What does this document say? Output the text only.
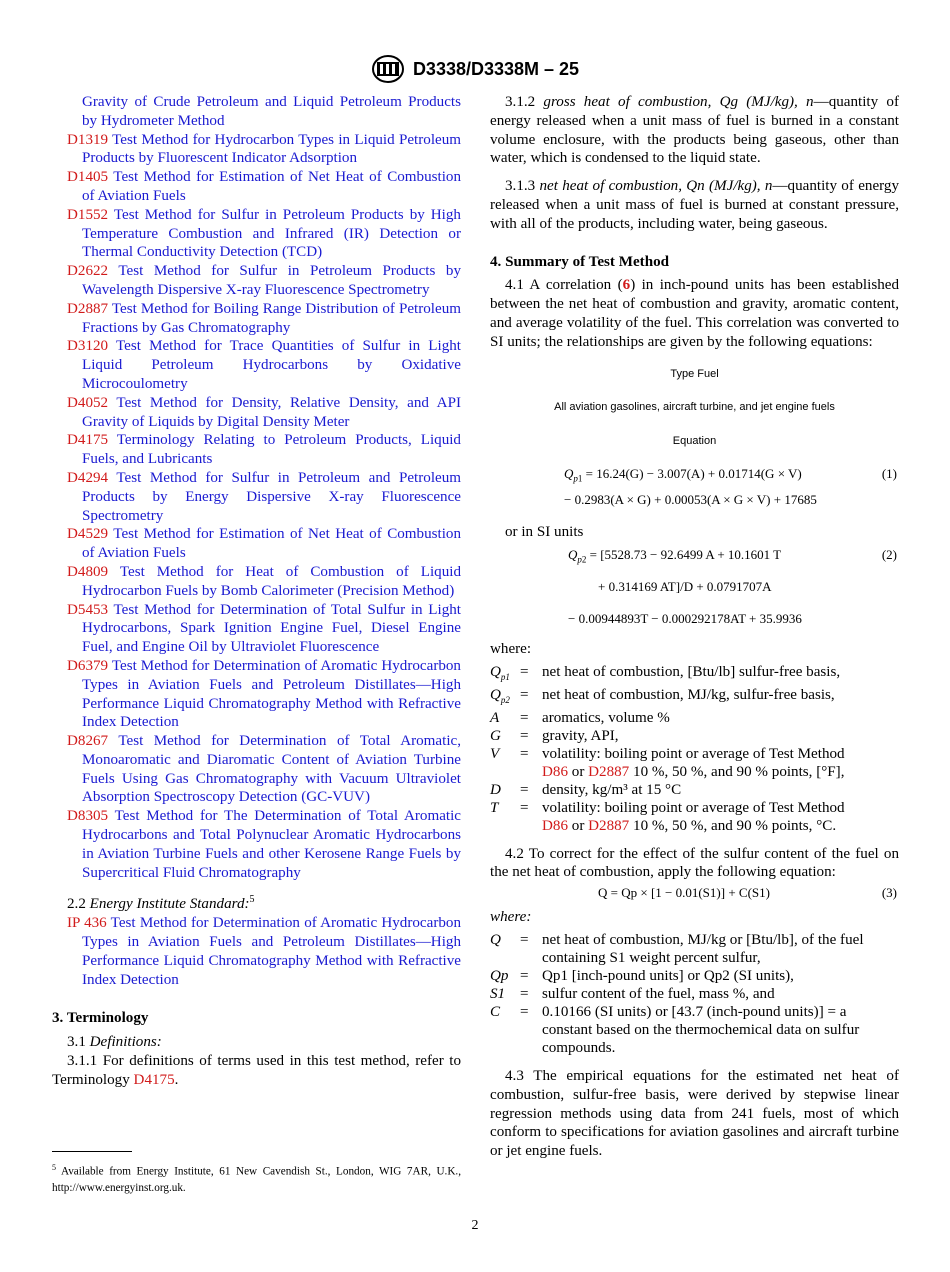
D3338/D3338M – 25

Gravity of Crude Petroleum and Liquid Petroleum Products by Hydrometer Method

D1319 Test Method for Hydrocarbon Types in Liquid Petroleum Products by Fluorescent Indicator Adsorption

D1405 Test Method for Estimation of Net Heat of Combustion of Aviation Fuels

D1552 Test Method for Sulfur in Petroleum Products by High Temperature Combustion and Infrared (IR) Detection or Thermal Conductivity Detection (TCD)

D2622 Test Method for Sulfur in Petroleum Products by Wavelength Dispersive X-ray Fluorescence Spectrometry

D2887 Test Method for Boiling Range Distribution of Petroleum Fractions by Gas Chromatography

D3120 Test Method for Trace Quantities of Sulfur in Light Liquid Petroleum Hydrocarbons by Oxidative Microcoulometry

D4052 Test Method for Density, Relative Density, and API Gravity of Liquids by Digital Density Meter

D4175 Terminology Relating to Petroleum Products, Liquid Fuels, and Lubricants

D4294 Test Method for Sulfur in Petroleum and Petroleum Products by Energy Dispersive X-ray Fluorescence Spectrometry

D4529 Test Method for Estimation of Net Heat of Combustion of Aviation Fuels

D4809 Test Method for Heat of Combustion of Liquid Hydrocarbon Fuels by Bomb Calorimeter (Precision Method)

D5453 Test Method for Determination of Total Sulfur in Light Hydrocarbons, Spark Ignition Engine Fuel, Diesel Engine Fuel, and Engine Oil by Ultraviolet Fluorescence

D6379 Test Method for Determination of Aromatic Hydrocarbon Types in Aviation Fuels and Petroleum Distillates—High Performance Liquid Chromatography Method with Refractive Index Detection

D8267 Test Method for Determination of Total Aromatic, Monoaromatic and Diaromatic Content of Aviation Turbine Fuels Using Gas Chromatography with Vacuum Ultraviolet Absorption Spectroscopy Detection (GC-VUV)

D8305 Test Method for The Determination of Total Aromatic Hydrocarbons and Total Polynuclear Aromatic Hydrocarbons in Aviation Turbine Fuels and other Kerosene Range Fuels by Supercritical Fluid Chromatography

2.2 Energy Institute Standard:$^5$

IP 436 Test Method for Determination of Aromatic Hydrocarbon Types in Aviation Fuels and Petroleum Distillates—High Performance Liquid Chromatography Method with Refractive Index Detection

3. Terminology

3.1 Definitions:

3.1.1 For definitions of terms used in this test method, refer to Terminology D4175.

$^5$ Available from Energy Institute, 61 New Cavendish St., London, WIG 7AR, U.K., http://www.energyinst.org.uk.

3.1.2 gross heat of combustion, Qg (MJ/kg), n—quantity of energy released when a unit mass of fuel is burned in a constant volume enclosure, with the products being gaseous, other than water, which is condensed to the liquid state.

3.1.3 net heat of combustion, Qn (MJ/kg), n—quantity of energy released when a unit mass of fuel is burned at constant pressure, with all of the products, including water, being gaseous.

4. Summary of Test Method

4.1 A correlation (6) in inch-pound units has been established between the net heat of combustion and gravity, aromatic content, and average volatility of the fuel. This correlation was converted to SI units; the relationships are given by the following equations:

Type Fuel

All aviation gasolines, aircraft turbine, and jet engine fuels

Equation

$Q_{p1} = 16.24(G) - 3.007(A) + 0.01714(G \times V)$	(1)
− 0.2983(A × G) + 0.00053(A × G × V) + 17685

or in SI units

$Q_{p2} = [5528.73 - 92.6499$ A + 10.1601 T	(2)
+ 0.314169 AT]/D + 0.0791707A
− 0.00944893T − 0.000292178AT + 35.9936

where:

$Q_{p1}$ = net heat of combustion, [Btu/lb] sulfur-free basis,
$Q_{p2}$ = net heat of combustion, MJ/kg, sulfur-free basis,
A	= aromatics, volume %
G	= gravity, API,
V	= volatility: boiling point or average of Test Method
D86 or D2887 10 %, 50 %, and 90 % points, [°F],
D	= density, kg/m³ at 15 °C
T	= volatility: boiling point or average of Test Method
D86 or D2887 10 %, 50 %, and 90 % points, °C.

4.2 To correct for the effect of the sulfur content of the fuel on the net heat of combustion, apply the following equation:

Q = Qp × [1 − 0.01(S1)] + C(S1)	(3)

where:

Q	= net heat of combustion, MJ/kg or [Btu/lb], of the fuel containing S1 weight percent sulfur,
Qp = Qp1 [inch-pound units] or Qp2 (SI units),
S1 = sulfur content of the fuel, mass %, and
C	= 0.10166 (SI units) or [43.7 (inch-pound units)] = a constant based on the thermochemical data on sulfur compounds.

4.3 The empirical equations for the estimated net heat of combustion, sulfur-free basis, were derived by stepwise linear regression methods using data from 241 fuels, most of which conform to specifications for aviation gasolines and aircraft turbine or jet engine fuels.

2
